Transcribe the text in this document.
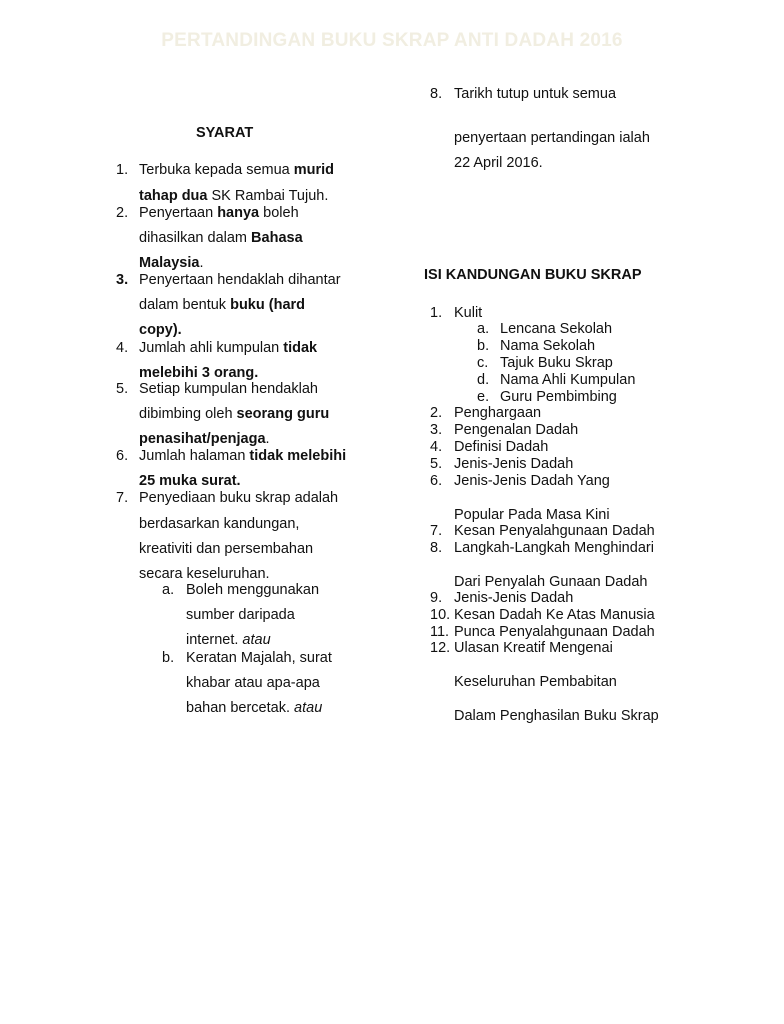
PERTANDINGAN BUKU SKRAP ANTI DADAH 2016
SYARAT
1. Terbuka kepada semua murid
tahap dua SK Rambai Tujuh.
2. Penyertaan hanya boleh
dihasilkan dalam Bahasa
Malaysia.
3. Penyertaan hendaklah dihantar
dalam bentuk buku (hard
copy).
4. Jumlah ahli kumpulan tidak
melebihi 3 orang.
5. Setiap kumpulan hendaklah
dibimbing oleh seorang guru
penasihat/penjaga.
6. Jumlah halaman tidak melebihi
25 muka surat.
7. Penyediaan buku skrap adalah
berdasarkan kandungan,
kreativiti dan persembahan
secara keseluruhan.
a. Boleh menggunakan
sumber daripada
internet. atau
b. Keratan Majalah, surat
khabar atau apa-apa
bahan bercetak. atau
8. Tarikh tutup untuk semua
penyertaan pertandingan ialah
22 April 2016.
ISI KANDUNGAN BUKU SKRAP
1. Kulit
a. Lencana Sekolah
b. Nama Sekolah
c. Tajuk Buku Skrap
d. Nama Ahli Kumpulan
e. Guru Pembimbing
2. Penghargaan
3. Pengenalan Dadah
4. Definisi Dadah
5. Jenis-Jenis Dadah
6. Jenis-Jenis Dadah Yang
Popular Pada Masa Kini
7. Kesan Penyalahgunaan Dadah
8. Langkah-Langkah Menghindari
Dari Penyalah Gunaan Dadah
9. Jenis-Jenis Dadah
10. Kesan Dadah Ke Atas Manusia
11. Punca Penyalahgunaan Dadah
12. Ulasan Kreatif Mengenai
Keseluruhan Pembabitan
Dalam Penghasilan Buku Skrap
